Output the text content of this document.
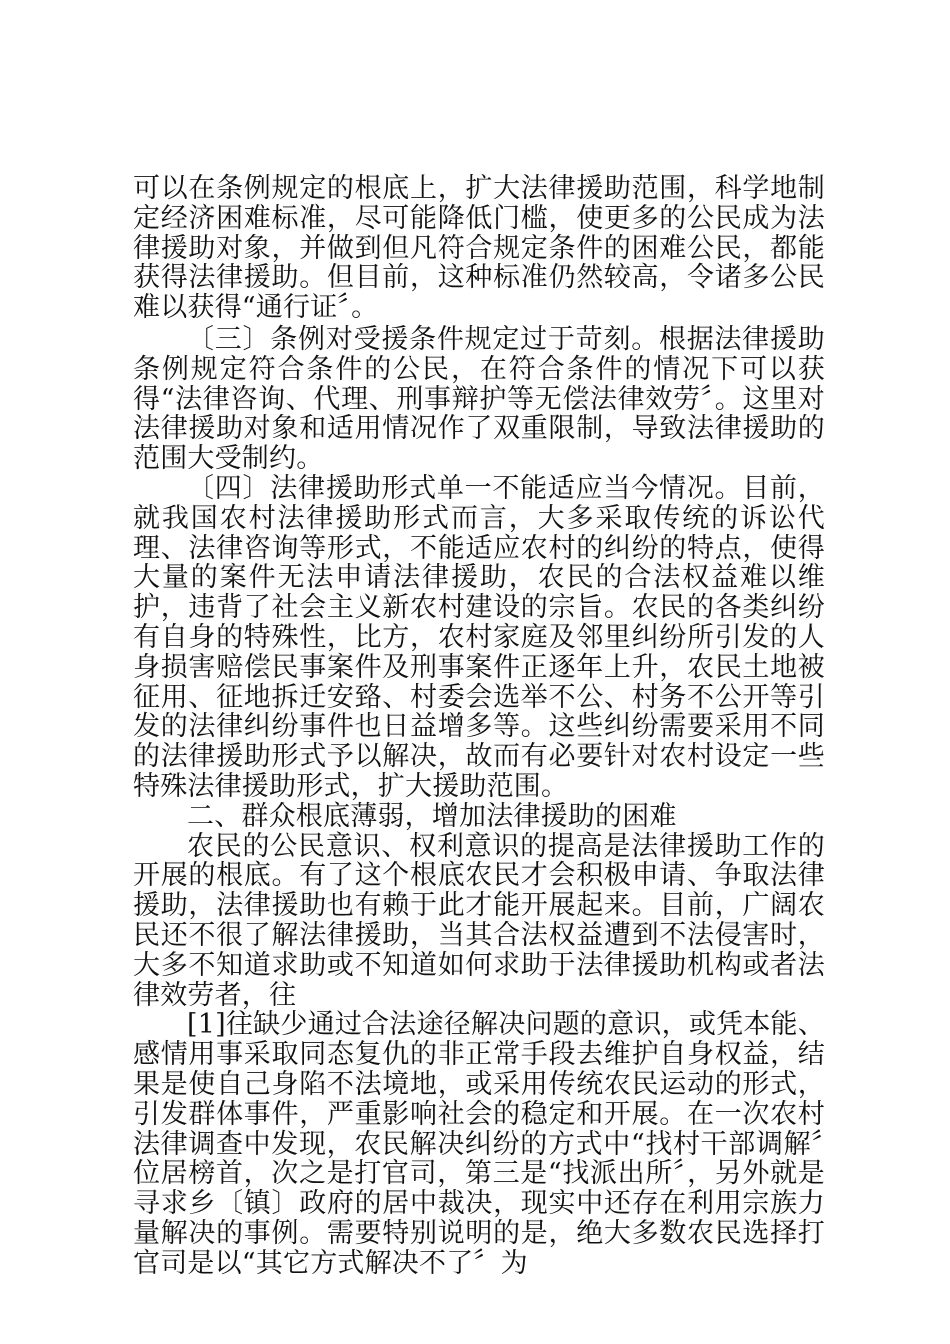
可以在条例规定的根底上，扩大法律援助范围，科学地制定经济困难标准，尽可能降低门槛，使更多的公民成为法律援助对象，并做到但凡符合规定条件的困难公民，都能获得法律援助。但目前，这种标准仍然较高，令诸多公民难以获得“通行证〞。

〔三〕条例对受援条件规定过于苛刻。根据法律援助条例规定符合条件的公民，在符合条件的情况下可以获得“法律咨询、代理、刑事辩护等无偿法律效劳〞。这里对法律援助对象和适用情况作了双重限制，导致法律援助的范围大受制约。

〔四〕法律援助形式单一不能适应当今情况。目前，就我国农村法律援助形式而言，大多采取传统的诉讼代理、法律咨询等形式，不能适应农村的纠纷的特点，使得大量的案件无法申请法律援助，农民的合法权益难以维护，违背了社会主义新农村建设的宗旨。农民的各类纠纷有自身的特殊性，比方，农村家庭及邻里纠纷所引发的人身损害赔偿民事案件及刑事案件正逐年上升，农民土地被征用、征地拆迁安臵、村委会选举不公、村务不公开等引发的法律纠纷事件也日益增多等。这些纠纷需要采用不同的法律援助形式予以解决，故而有必要针对农村设定一些特殊法律援助形式，扩大援助范围。

二、群众根底薄弱，增加法律援助的困难

农民的公民意识、权利意识的提高是法律援助工作的开展的根底。有了这个根底农民才会积极申请、争取法律援助，法律援助也有赖于此才能开展起来。目前，广阔农民还不很了解法律援助，当其合法权益遭到不法侵害时，大多不知道求助或不知道如何求助于法律援助机构或者法律效劳者，往

[1]往缺少通过合法途径解决问题的意识，或凭本能、感情用事采取同态复仇的非正常手段去维护自身权益，结果是使自己身陷不法境地，或采用传统农民运动的形式，引发群体事件，严重影响社会的稳定和开展。在一次农村法律调查中发现，农民解决纠纷的方式中“找村干部调解〞位居榜首，次之是打官司，第三是“找派出所〞，另外就是寻求乡〔镇〕政府的居中裁决，现实中还存在利用宗族力量解决的事例。需要特别说明的是，绝大多数农民选择打官司是以“其它方式解决不了〞为
